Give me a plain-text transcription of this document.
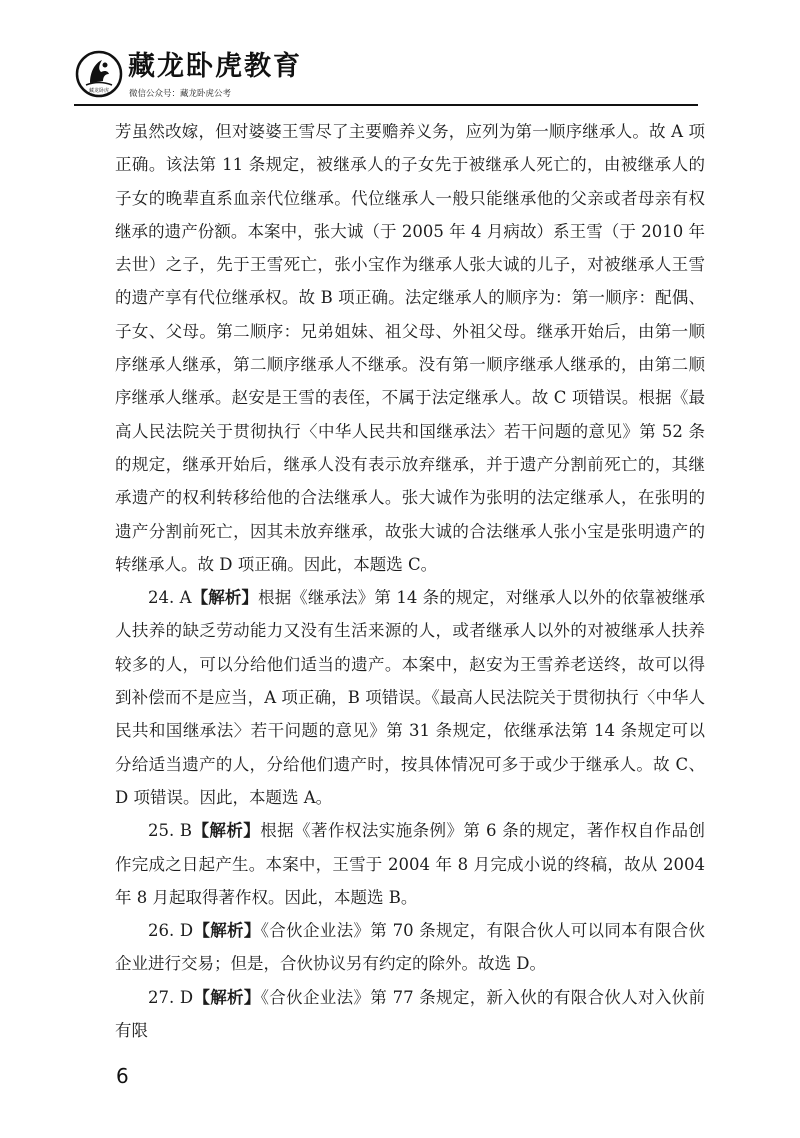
藏龙卧虎
藏龙卧虎教育
微信公众号：藏龙卧虎公考

芳虽然改嫁，但对婆婆王雪尽了主要赡养义务，应列为第一顺序继承人。故 A 项正确。该法第 11 条规定，被继承人的子女先于被继承人死亡的，由被继承人的子女的晚辈直系血亲代位继承。代位继承人一般只能继承他的父亲或者母亲有权继承的遗产份额。本案中，张大诚（于 2005 年 4 月病故）系王雪（于 2010 年去世）之子，先于王雪死亡，张小宝作为继承人张大诚的儿子，对被继承人王雪的遗产享有代位继承权。故 B 项正确。法定继承人的顺序为：第一顺序：配偶、子女、父母。第二顺序：兄弟姐妹、祖父母、外祖父母。继承开始后，由第一顺序继承人继承，第二顺序继承人不继承。没有第一顺序继承人继承的，由第二顺序继承人继承。赵安是王雪的表侄，不属于法定继承人。故 C 项错误。根据《最高人民法院关于贯彻执行〈中华人民共和国继承法〉若干问题的意见》第 52 条的规定，继承开始后，继承人没有表示放弃继承，并于遗产分割前死亡的，其继承遗产的权利转移给他的合法继承人。张大诚作为张明的法定继承人，在张明的遗产分割前死亡，因其未放弃继承，故张大诚的合法继承人张小宝是张明遗产的转继承人。故 D 项正确。因此，本题选 C。

24. A【解析】根据《继承法》第 14 条的规定，对继承人以外的依靠被继承人扶养的缺乏劳动能力又没有生活来源的人，或者继承人以外的对被继承人扶养较多的人，可以分给他们适当的遗产。本案中，赵安为王雪养老送终，故可以得到补偿而不是应当，A 项正确，B 项错误。《最高人民法院关于贯彻执行〈中华人民共和国继承法〉若干问题的意见》第 31 条规定，依继承法第 14 条规定可以分给适当遗产的人，分给他们遗产时，按具体情况可多于或少于继承人。故 C、D 项错误。因此，本题选 A。

25. B【解析】根据《著作权法实施条例》第 6 条的规定，著作权自作品创作完成之日起产生。本案中，王雪于 2004 年 8 月完成小说的终稿，故从 2004 年 8 月起取得著作权。因此，本题选 B。

26. D【解析】《合伙企业法》第 70 条规定，有限合伙人可以同本有限合伙企业进行交易；但是，合伙协议另有约定的除外。故选 D。

27. D【解析】《合伙企业法》第 77 条规定，新入伙的有限合伙人对入伙前有限

6
